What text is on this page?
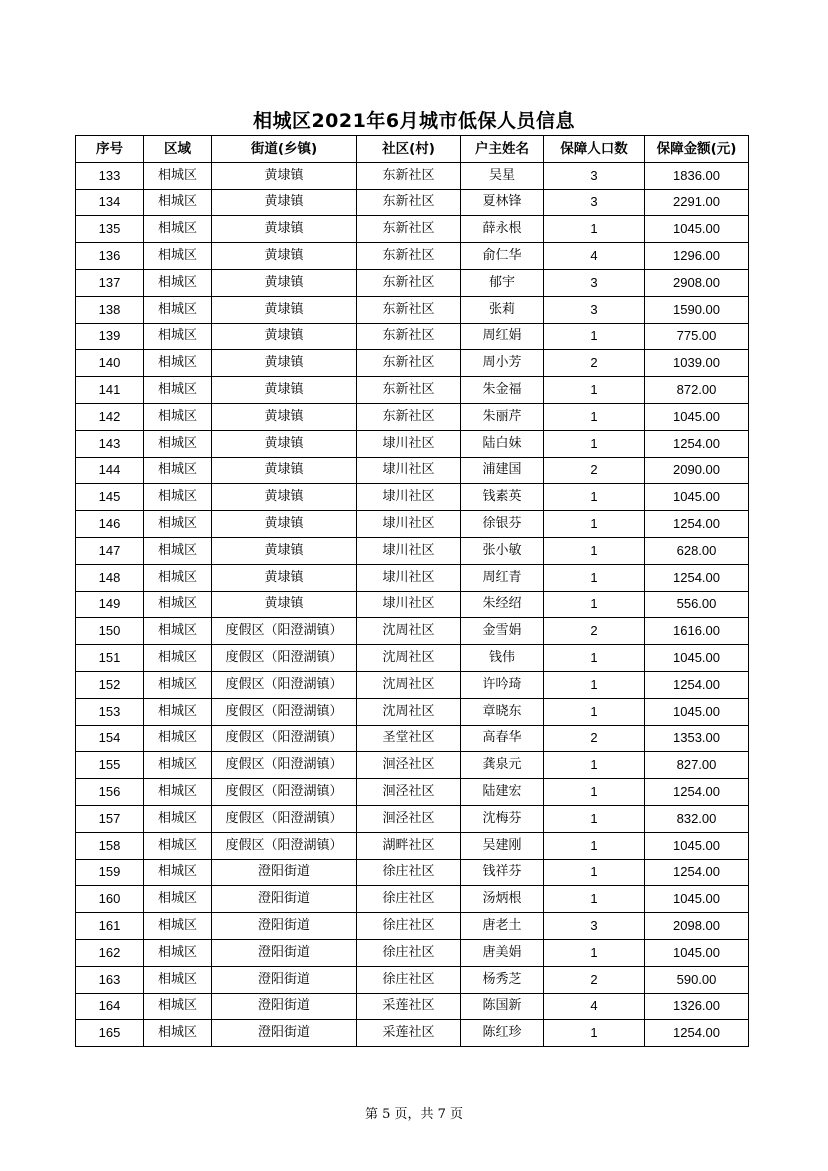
相城区2021年6月城市低保人员信息
序号	区域	街道(乡镇)	社区(村)	户主姓名	保障人口数	保障金额(元)
133	相城区	黄埭镇	东新社区	吴星	3	1836.00
134	相城区	黄埭镇	东新社区	夏林锋	3	2291.00
135	相城区	黄埭镇	东新社区	薛永根	1	1045.00
136	相城区	黄埭镇	东新社区	俞仁华	4	1296.00
137	相城区	黄埭镇	东新社区	郁宇	3	2908.00
138	相城区	黄埭镇	东新社区	张莉	3	1590.00
139	相城区	黄埭镇	东新社区	周红娟	1	775.00
140	相城区	黄埭镇	东新社区	周小芳	2	1039.00
141	相城区	黄埭镇	东新社区	朱金福	1	872.00
142	相城区	黄埭镇	东新社区	朱丽芹	1	1045.00
143	相城区	黄埭镇	埭川社区	陆白妹	1	1254.00
144	相城区	黄埭镇	埭川社区	浦建国	2	2090.00
145	相城区	黄埭镇	埭川社区	钱素英	1	1045.00
146	相城区	黄埭镇	埭川社区	徐银芬	1	1254.00
147	相城区	黄埭镇	埭川社区	张小敏	1	628.00
148	相城区	黄埭镇	埭川社区	周红青	1	1254.00
149	相城区	黄埭镇	埭川社区	朱经绍	1	556.00
150	相城区	度假区（阳澄湖镇）	沈周社区	金雪娟	2	1616.00
151	相城区	度假区（阳澄湖镇）	沈周社区	钱伟	1	1045.00
152	相城区	度假区（阳澄湖镇）	沈周社区	许吟琦	1	1254.00
153	相城区	度假区（阳澄湖镇）	沈周社区	章晓东	1	1045.00
154	相城区	度假区（阳澄湖镇）	圣堂社区	高春华	2	1353.00
155	相城区	度假区（阳澄湖镇）	洄泾社区	龚泉元	1	827.00
156	相城区	度假区（阳澄湖镇）	洄泾社区	陆建宏	1	1254.00
157	相城区	度假区（阳澄湖镇）	洄泾社区	沈梅芬	1	832.00
158	相城区	度假区（阳澄湖镇）	湖畔社区	吴建刚	1	1045.00
159	相城区	澄阳街道	徐庄社区	钱祥芬	1	1254.00
160	相城区	澄阳街道	徐庄社区	汤炳根	1	1045.00
161	相城区	澄阳街道	徐庄社区	唐老土	3	2098.00
162	相城区	澄阳街道	徐庄社区	唐美娟	1	1045.00
163	相城区	澄阳街道	徐庄社区	杨秀芝	2	590.00
164	相城区	澄阳街道	采莲社区	陈国新	4	1326.00
165	相城区	澄阳街道	采莲社区	陈红珍	1	1254.00
第 5 页，共 7 页
